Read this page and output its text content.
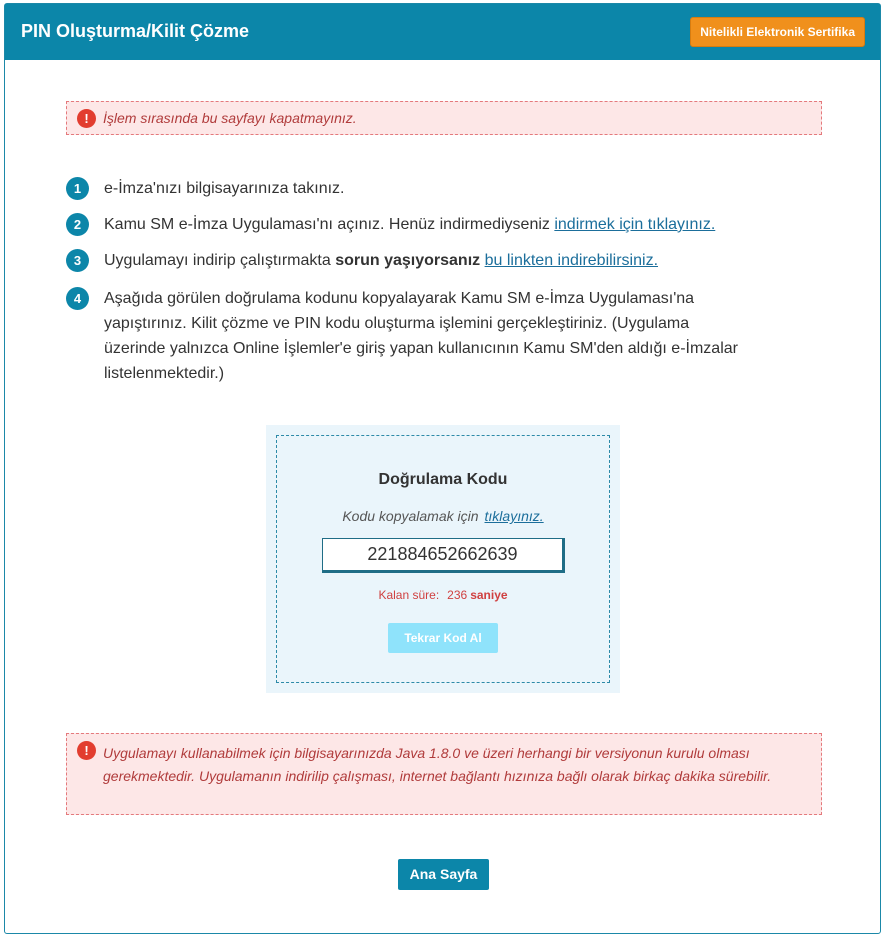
PIN Oluşturma/Kilit Çözme	Nitelikli Elektronik Sertifika
!	İşlem sırasında bu sayfayı kapatmayınız.
1	e-İmza'nızı bilgisayarınıza takınız.
2	Kamu SM e-İmza Uygulaması'nı açınız. Henüz indirmediyseniz indirmek için tıklayınız.
3	Uygulamayı indirip çalıştırmakta sorun yaşıyorsanız bu linkten indirebilirsiniz.
4	Aşağıda görülen doğrulama kodunu kopyalayarak Kamu SM e-İmza Uygulaması'na yapıştırınız. Kilit çözme ve PIN kodu oluşturma işlemini gerçekleştiriniz. (Uygulama üzerinde yalnızca Online İşlemler'e giriş yapan kullanıcının Kamu SM'den aldığı e-İmzalar listelenmektedir.)
Doğrulama Kodu
Kodu kopyalamak için tıklayınız.
221884652662639
Kalan süre: 236 saniye
Tekrar Kod Al
!	Uygulamayı kullanabilmek için bilgisayarınızda Java 1.8.0 ve üzeri herhangi bir versiyonun kurulu olması gerekmektedir. Uygulamanın indirilip çalışması, internet bağlantı hızınıza bağlı olarak birkaç dakika sürebilir.
Ana Sayfa
